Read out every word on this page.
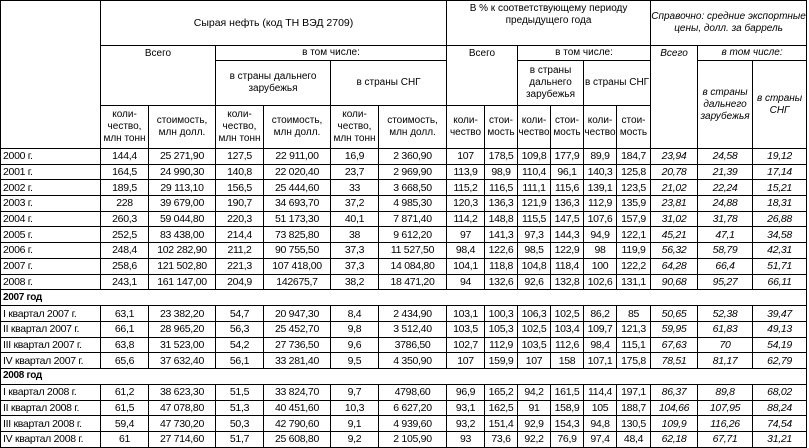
	Сырая нефть (код ТН ВЭД 2709)						В % к соответствующему периоду предыдущего года						Справочно: средние экспортные цены, долл. за баррель		
	Всего		в том числе:				Всего		в том числе:				Всего	в том числе:	
			в страны дальнего зарубежья		в страны СНГ				в страны дальнего зарубежья		в страны СНГ			в страны дальнего зарубежья	в страны СНГ
	коли-чество, млн тонн	стоимость, млн долл.	коли-чество, млн тонн	стоимость, млн долл.	коли-чество, млн тонн	стоимость, млн долл.	коли-чество	стои-мость	коли-чество	стои-мость	коли-чество	стои-мость			
2000 г.	144,4	25 271,90	127,5	22 911,00	16,9	2 360,90	107	178,5	109,8	177,9	89,9	184,7	23,94	24,58	19,12
2001 г.	164,5	24 990,30	140,8	22 020,40	23,7	2 969,90	113,9	98,9	110,4	96,1	140,3	125,8	20,78	21,39	17,14
2002 г.	189,5	29 113,10	156,5	25 444,60	33	3 668,50	115,2	116,5	111,1	115,6	139,1	123,5	21,02	22,24	15,21
2003 г.	228	39 679,00	190,7	34 693,70	37,2	4 985,30	120,3	136,3	121,9	136,3	112,9	135,9	23,81	24,88	18,31
2004 г.	260,3	59 044,80	220,3	51 173,30	40,1	7 871,40	114,2	148,8	115,5	147,5	107,6	157,9	31,02	31,78	26,88
2005 г.	252,5	83 438,00	214,4	73 825,80	38	9 612,20	97	141,3	97,3	144,3	94,9	122,1	45,21	47,1	34,58
2006 г.	248,4	102 282,90	211,2	90 755,50	37,3	11 527,50	98,4	122,6	98,5	122,9	98	119,9	56,32	58,79	42,31
2007 г.	258,6	121 502,80	221,3	107 418,00	37,3	14 084,80	104,1	118,8	104,8	118,4	100	122,2	64,28	66,4	51,71
2008 г.	243,1	161 147,00	204,9	142675,7	38,2	18 471,20	94	132,6	92,6	132,8	102,6	131,1	90,68	95,27	66,11
2007 год															
I квартал 2007 г.	63,1	23 382,20	54,7	20 947,30	8,4	2 434,90	103,1	100,3	106,3	102,5	86,2	85	50,65	52,38	39,47
II квартал 2007 г.	66,1	28 965,20	56,3	25 452,70	9,8	3 512,40	103,5	105,3	102,5	103,4	109,7	121,3	59,95	61,83	49,13
III квартал 2007 г.	63,8	31 523,00	54,2	27 736,50	9,6	3786,50	102,7	112,9	103,5	112,6	98,4	115,1	67,63	70	54,19
IV квартал 2007 г.	65,6	37 632,40	56,1	33 281,40	9,5	4 350,90	107	159,9	107	158	107,1	175,8	78,51	81,17	62,79
2008 год															
I квартал 2008 г.	61,2	38 623,30	51,5	33 824,70	9,7	4798,60	96,9	165,2	94,2	161,5	114,4	197,1	86,37	89,8	68,02
II квартал 2008 г.	61,5	47 078,80	51,3	40 451,60	10,3	6 627,20	93,1	162,5	91	158,9	105	188,7	104,66	107,95	88,24
III квартал 2008 г.	59,4	47 730,20	50,3	42 790,60	9,1	4 939,60	93,2	151,4	92,9	154,3	94,8	130,5	109,9	116,26	74,54
IV квартал 2008 г.	61	27 714,60	51,7	25 608,80	9,2	2 105,90	93	73,6	92,2	76,9	97,4	48,4	62,18	67,71	31,21
